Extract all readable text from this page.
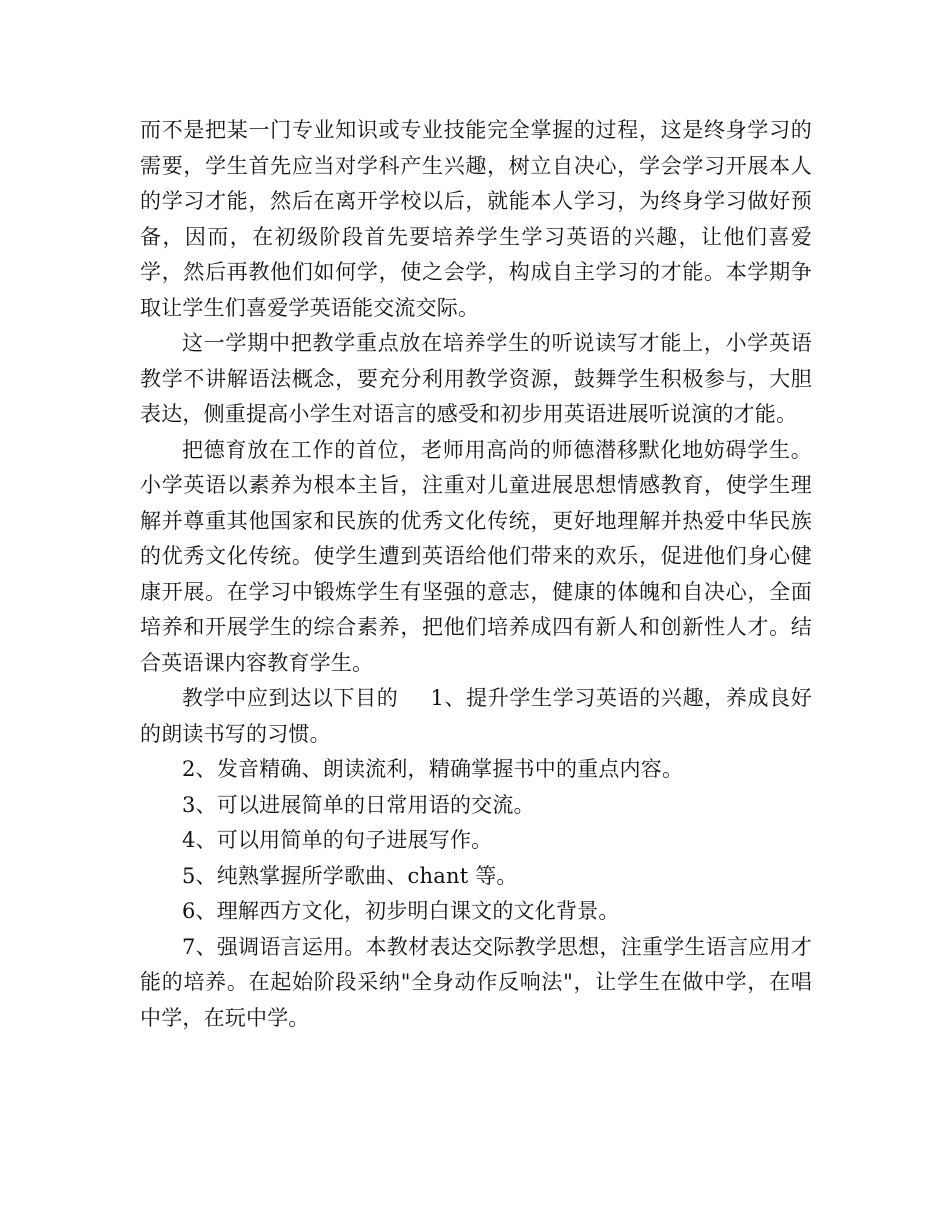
而不是把某一门专业知识或专业技能完全掌握的过程，这是终身学习的需要，学生首先应当对学科产生兴趣，树立自决心，学会学习开展本人的学习才能，然后在离开学校以后，就能本人学习，为终身学习做好预备，因而，在初级阶段首先要培养学生学习英语的兴趣，让他们喜爱学，然后再教他们如何学，使之会学，构成自主学习的才能。本学期争取让学生们喜爱学英语能交流交际。

这一学期中把教学重点放在培养学生的听说读写才能上，小学英语教学不讲解语法概念，要充分利用教学资源，鼓舞学生积极参与，大胆表达，侧重提高小学生对语言的感受和初步用英语进展听说演的才能。

把德育放在工作的首位，老师用高尚的师德潜移默化地妨碍学生。小学英语以素养为根本主旨，注重对儿童进展思想情感教育，使学生理解并尊重其他国家和民族的优秀文化传统，更好地理解并热爱中华民族的优秀文化传统。使学生遭到英语给他们带来的欢乐，促进他们身心健康开展。在学习中锻炼学生有坚强的意志，健康的体魄和自决心，全面培养和开展学生的综合素养，把他们培养成四有新人和创新性人才。结合英语课内容教育学生。

教学中应到达以下目的 1、提升学生学习英语的兴趣，养成良好的朗读书写的习惯。

2、发音精确、朗读流利，精确掌握书中的重点内容。

3、可以进展简单的日常用语的交流。

4、可以用简单的句子进展写作。

5、纯熟掌握所学歌曲、chant 等。

6、理解西方文化，初步明白课文的文化背景。

7、强调语言运用。本教材表达交际教学思想，注重学生语言应用才能的培养。在起始阶段采纳"全身动作反响法"，让学生在做中学，在唱中学，在玩中学。
